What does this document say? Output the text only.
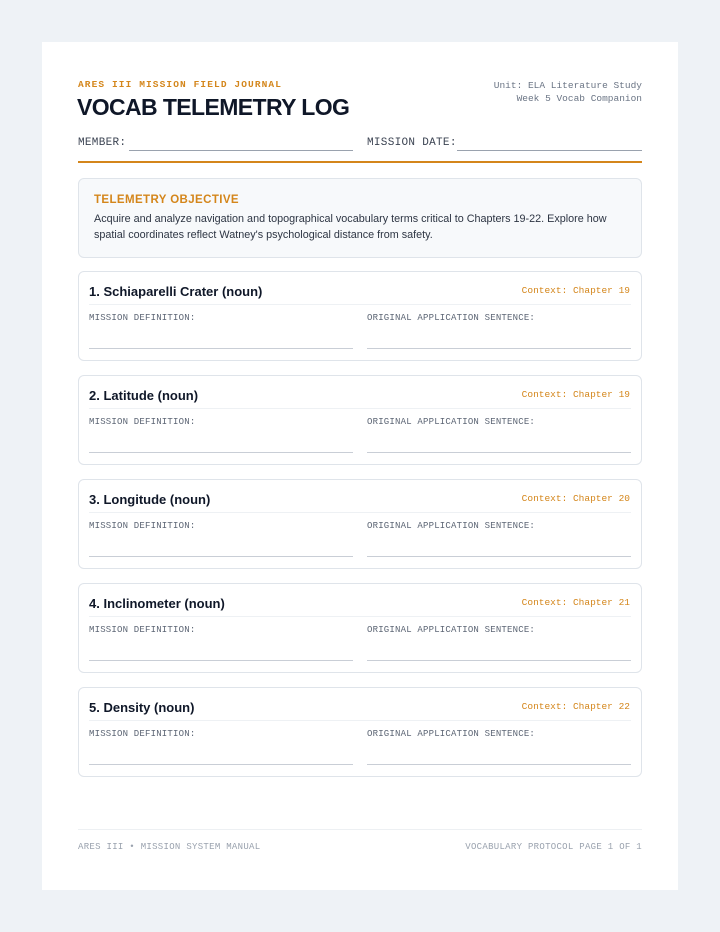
ARES III MISSION FIELD JOURNAL
VOCAB TELEMETRY LOG
Unit: ELA Literature Study
Week 5 Vocab Companion
MEMBER:	MISSION DATE:
TELEMETRY OBJECTIVE
Acquire and analyze navigation and topographical vocabulary terms critical to Chapters 19-22. Explore how spatial coordinates reflect Watney's psychological distance from safety.
1. Schiaparelli Crater (noun)	Context: Chapter 19
MISSION DEFINITION:	ORIGINAL APPLICATION SENTENCE:
2. Latitude (noun)	Context: Chapter 19
MISSION DEFINITION:	ORIGINAL APPLICATION SENTENCE:
3. Longitude (noun)	Context: Chapter 20
MISSION DEFINITION:	ORIGINAL APPLICATION SENTENCE:
4. Inclinometer (noun)	Context: Chapter 21
MISSION DEFINITION:	ORIGINAL APPLICATION SENTENCE:
5. Density (noun)	Context: Chapter 22
MISSION DEFINITION:	ORIGINAL APPLICATION SENTENCE:
ARES III • MISSION SYSTEM MANUAL	VOCABULARY PROTOCOL PAGE 1 OF 1
